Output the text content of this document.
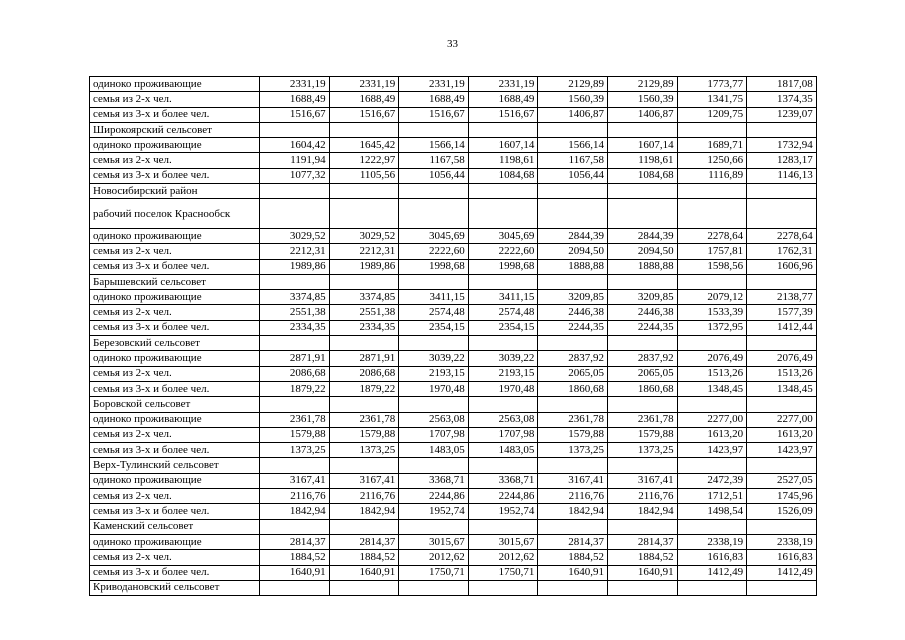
33
одиноко проживающие	2331,19	2331,19	2331,19	2331,19	2129,89	2129,89	1773,77	1817,08
семья из 2-х чел.	1688,49	1688,49	1688,49	1688,49	1560,39	1560,39	1341,75	1374,35
семья из 3-х и более чел.	1516,67	1516,67	1516,67	1516,67	1406,87	1406,87	1209,75	1239,07
Широкоярский сельсовет								
одиноко проживающие	1604,42	1645,42	1566,14	1607,14	1566,14	1607,14	1689,71	1732,94
семья из 2-х чел.	1191,94	1222,97	1167,58	1198,61	1167,58	1198,61	1250,66	1283,17
семья из 3-х и более чел.	1077,32	1105,56	1056,44	1084,68	1056,44	1084,68	1116,89	1146,13
Новосибирский район								
рабочий поселок Краснообск								
одиноко проживающие	3029,52	3029,52	3045,69	3045,69	2844,39	2844,39	2278,64	2278,64
семья из 2-х чел.	2212,31	2212,31	2222,60	2222,60	2094,50	2094,50	1757,81	1762,31
семья из 3-х и более чел.	1989,86	1989,86	1998,68	1998,68	1888,88	1888,88	1598,56	1606,96
Барышевский сельсовет								
одиноко проживающие	3374,85	3374,85	3411,15	3411,15	3209,85	3209,85	2079,12	2138,77
семья из 2-х чел.	2551,38	2551,38	2574,48	2574,48	2446,38	2446,38	1533,39	1577,39
семья из 3-х и более чел.	2334,35	2334,35	2354,15	2354,15	2244,35	2244,35	1372,95	1412,44
Березовский сельсовет								
одиноко проживающие	2871,91	2871,91	3039,22	3039,22	2837,92	2837,92	2076,49	2076,49
семья из 2-х чел.	2086,68	2086,68	2193,15	2193,15	2065,05	2065,05	1513,26	1513,26
семья из 3-х и более чел.	1879,22	1879,22	1970,48	1970,48	1860,68	1860,68	1348,45	1348,45
Боровской сельсовет								
одиноко проживающие	2361,78	2361,78	2563,08	2563,08	2361,78	2361,78	2277,00	2277,00
семья из 2-х чел.	1579,88	1579,88	1707,98	1707,98	1579,88	1579,88	1613,20	1613,20
семья из 3-х и более чел.	1373,25	1373,25	1483,05	1483,05	1373,25	1373,25	1423,97	1423,97
Верх-Тулинский сельсовет								
одиноко проживающие	3167,41	3167,41	3368,71	3368,71	3167,41	3167,41	2472,39	2527,05
семья из 2-х чел.	2116,76	2116,76	2244,86	2244,86	2116,76	2116,76	1712,51	1745,96
семья из 3-х и более чел.	1842,94	1842,94	1952,74	1952,74	1842,94	1842,94	1498,54	1526,09
Каменский сельсовет								
одиноко проживающие	2814,37	2814,37	3015,67	3015,67	2814,37	2814,37	2338,19	2338,19
семья из 2-х чел.	1884,52	1884,52	2012,62	2012,62	1884,52	1884,52	1616,83	1616,83
семья из 3-х и более чел.	1640,91	1640,91	1750,71	1750,71	1640,91	1640,91	1412,49	1412,49
Криводановский сельсовет								
